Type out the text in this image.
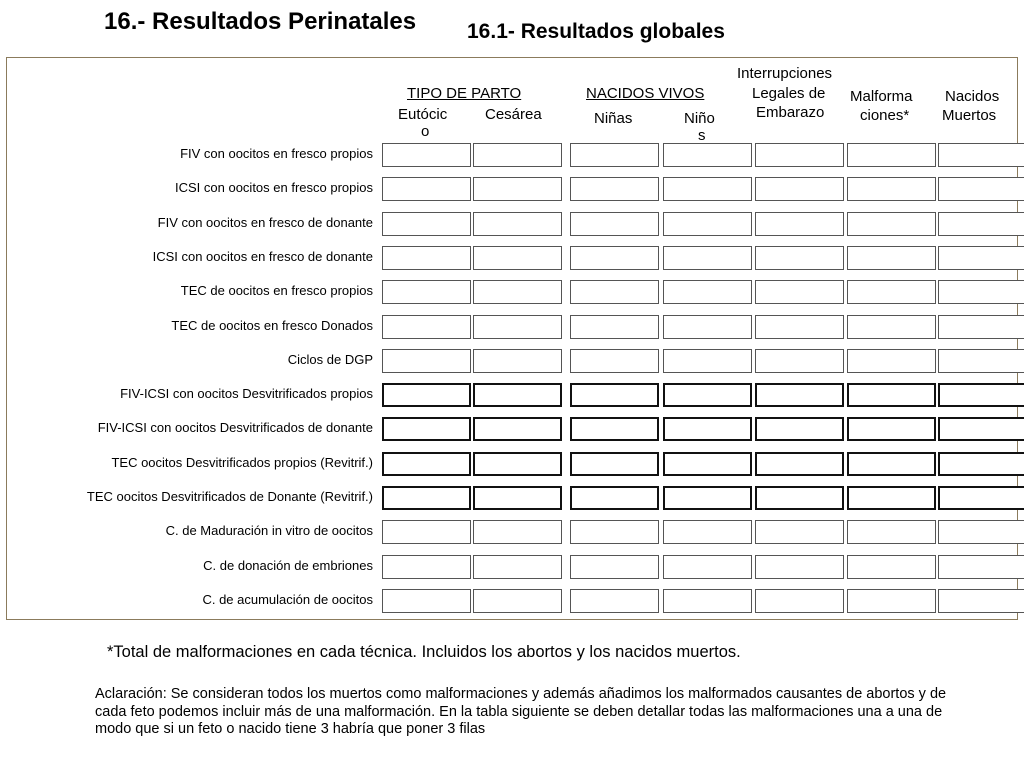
16.- Resultados Perinatales 16.1- Resultados globales
TIPO DE PARTO
Eutócic
o
Cesárea
NACIDOS VIVOS
Niñas	Niño
s
Interrupciones
Legales de
Embarazo
Malforma
ciones*
Nacidos
Muertos
FIV con oocitos en fresco propios
ICSI con oocitos en fresco propios
FIV con oocitos en fresco de donante
ICSI con oocitos en fresco de donante
TEC de oocitos en fresco propios
TEC de oocitos en fresco Donados
Ciclos de DGP
FIV-ICSI con oocitos Desvitrificados propios
FIV-ICSI con oocitos Desvitrificados de donante
TEC oocitos Desvitrificados propios (Revitrif.)
TEC oocitos Desvitrificados de Donante (Revitrif.)
C. de Maduración in vitro de oocitos
C. de donación de embriones
C. de acumulación de oocitos
*Total de malformaciones en cada técnica. Incluidos los abortos y los nacidos muertos.
Aclaración: Se consideran todos los muertos como malformaciones y además añadimos los malformados causantes de abortos y de cada feto podemos incluir más de una malformación. En la tabla siguiente se deben detallar todas las malformaciones una a una de modo que si un feto o nacido tiene 3 habría que poner 3 filas
